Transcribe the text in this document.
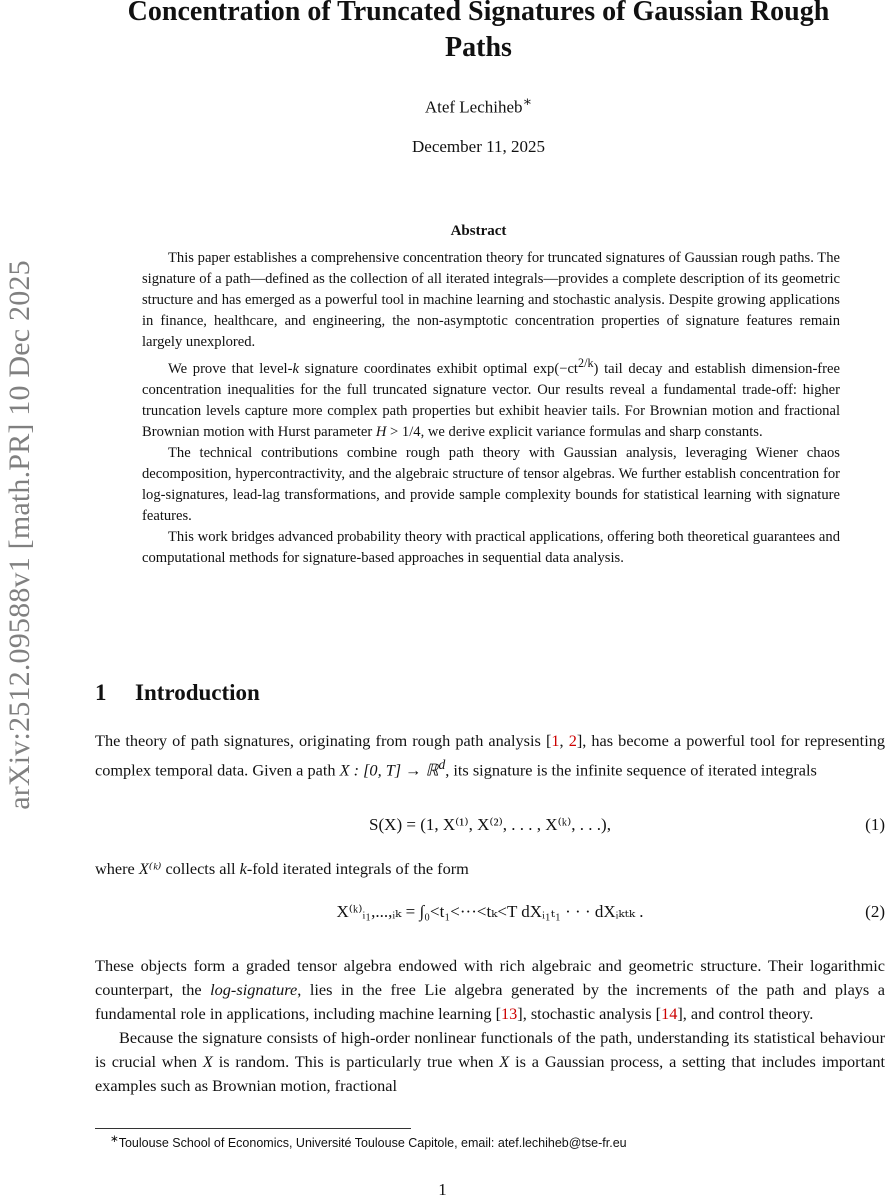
arXiv:2512.09588v1 [math.PR] 10 Dec 2025
Concentration of Truncated Signatures of Gaussian Rough Paths
Atef Lechiheb∗
December 11, 2025
Abstract

This paper establishes a comprehensive concentration theory for truncated signatures of Gaussian rough paths. The signature of a path—defined as the collection of all iterated integrals—provides a complete description of its geometric structure and has emerged as a powerful tool in machine learning and stochastic analysis. Despite growing applications in finance, healthcare, and engineering, the non-asymptotic concentration properties of signature features remain largely unexplored.

We prove that level-k signature coordinates exhibit optimal $\exp(-ct^{2/k})$ tail decay and establish dimension-free concentration inequalities for the full truncated signature vector. Our results reveal a fundamental trade-off: higher truncation levels capture more complex path properties but exhibit heavier tails. For Brownian motion and fractional Brownian motion with Hurst parameter H > 1/4, we derive explicit variance formulas and sharp constants.

The technical contributions combine rough path theory with Gaussian analysis, leveraging Wiener chaos decomposition, hypercontractivity, and the algebraic structure of tensor algebras. We further establish concentration for log-signatures, lead-lag transformations, and provide sample complexity bounds for statistical learning with signature features.

This work bridges advanced probability theory with practical applications, offering both theoretical guarantees and computational methods for signature-based approaches in sequential data analysis.

1 Introduction

The theory of path signatures, originating from rough path analysis [1, 2], has become a powerful tool for representing complex temporal data. Given a path X : [0, T] → ℝ$^d$, its signature is the infinite sequence of iterated integrals

S(X) = (1, X⁽¹⁾, X⁽²⁾, . . . , X⁽ᵏ⁾, . . .),	(1)

where X⁽ᵏ⁾ collects all k-fold iterated integrals of the form

X⁽ᵏ⁾ᵢ₁,...,ᵢₖ = ∫₀<t₁<···<tₖ<T dXᵢ₁ₜ₁ · · · dXᵢₖₜₖ .	(2)

These objects form a graded tensor algebra endowed with rich algebraic and geometric structure. Their logarithmic counterpart, the log-signature, lies in the free Lie algebra generated by the increments of the path and plays a fundamental role in applications, including machine learning [13], stochastic analysis [14], and control theory.

Because the signature consists of high-order nonlinear functionals of the path, understanding its statistical behaviour is crucial when X is random. This is particularly true when X is a Gaussian process, a setting that includes important examples such as Brownian motion, fractional

∗Toulouse School of Economics, Université Toulouse Capitole, email: atef.lechiheb@tse-fr.eu
1
